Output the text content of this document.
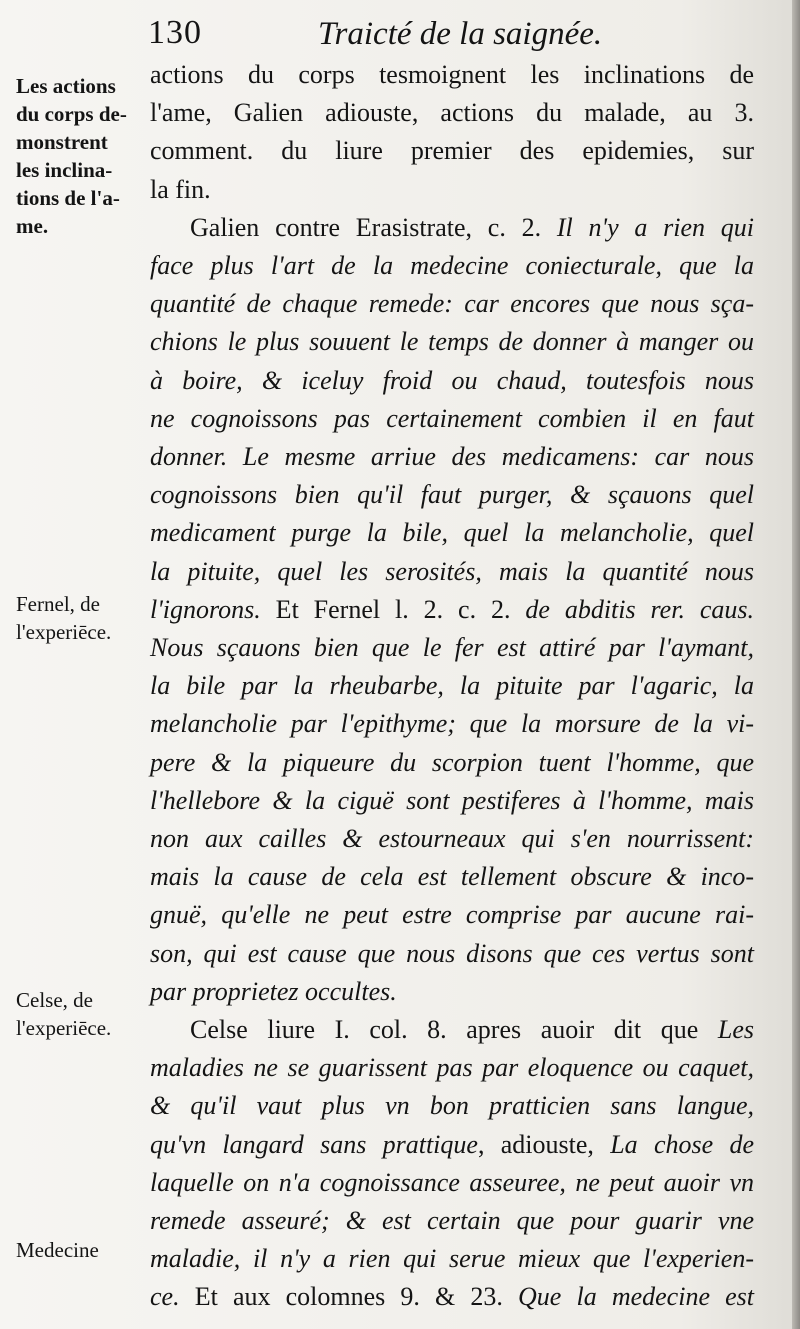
130	Traicté de la saignée.
Les actions
du corps de-
monstrent
les inclina-
tions de l'a-
me.
Fernel, de
l'experiēce.
Celse, de
l'experiēce.
Medecine
actions du corps tesmoignent les inclinations de
l'ame, Galien adiouste, actions du malade, au 3.
comment. du liure premier des epidemies, sur
la fin.
Galien contre Erasistrate, c. 2. Il n'y a rien qui
face plus l'art de la medecine coniecturale, que la
quantité de chaque remede: car encores que nous sça-
chions le plus souuent le temps de donner à manger ou
à boire, & iceluy froid ou chaud, toutesfois nous
ne cognoissons pas certainement combien il en faut
donner. Le mesme arriue des medicamens: car nous
cognoissons bien qu'il faut purger, & sçauons quel
medicament purge la bile, quel la melancholie, quel
la pituite, quel les serosités, mais la quantité nous
l'ignorons. Et Fernel l. 2. c. 2. de abditis rer. caus.
Nous sçauons bien que le fer est attiré par l'aymant,
la bile par la rheubarbe, la pituite par l'agaric, la
melancholie par l'epithyme; que la morsure de la vi-
pere & la piqueure du scorpion tuent l'homme, que
l'hellebore & la ciguë sont pestiferes à l'homme, mais
non aux cailles & estourneaux qui s'en nourrissent:
mais la cause de cela est tellement obscure & inco-
gnuë, qu'elle ne peut estre comprise par aucune rai-
son, qui est cause que nous disons que ces vertus sont
par proprietez occultes.
Celse liure I. col. 8. apres auoir dit que Les
maladies ne se guarissent pas par eloquence ou caquet,
& qu'il vaut plus vn bon pratticien sans langue,
qu'vn langard sans prattique, adiouste, La chose de
laquelle on n'a cognoissance asseuree, ne peut auoir vn
remede asseuré; & est certain que pour guarir vne
maladie, il n'y a rien qui serue mieux que l'experien-
ce. Et aux colomnes 9. & 23. Que la medecine est
